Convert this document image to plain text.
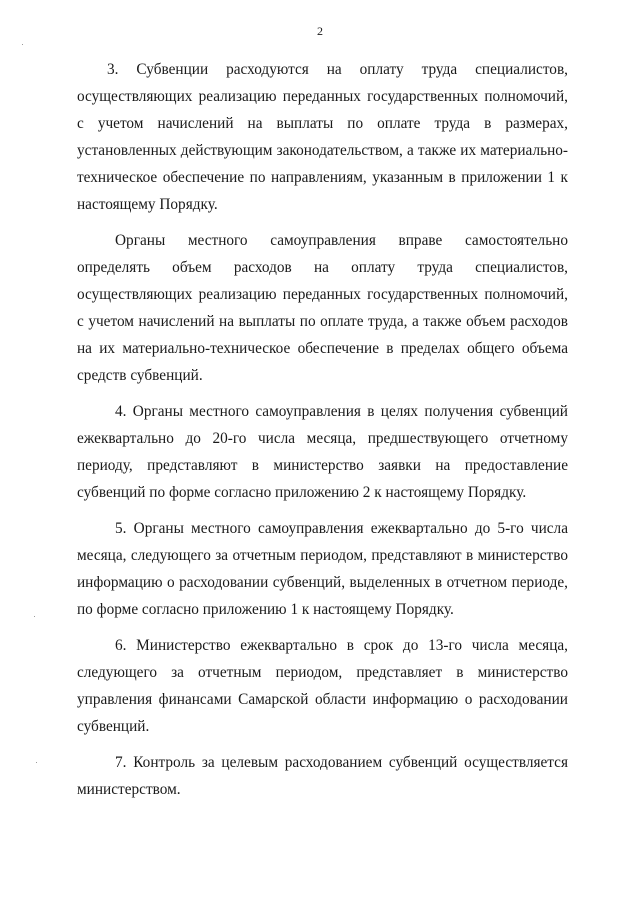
2

3. Субвенции расходуются на оплату труда специалистов, осуществляющих реализацию переданных государственных полномочий, с учетом начислений на выплаты по оплате труда в размерах, установленных действующим законодательством, а также их материально-техническое обеспечение по направлениям, указанным в приложении 1 к настоящему Порядку.

Органы местного самоуправления вправе самостоятельно определять объем расходов на оплату труда специалистов, осуществляющих реализацию переданных государственных полномочий, с учетом начислений на выплаты по оплате труда, а также объем расходов на их материально-техническое обеспечение в пределах общего объема средств субвенций.

4. Органы местного самоуправления в целях получения субвенций ежеквартально до 20-го числа месяца, предшествующего отчетному периоду, представляют в министерство заявки на предоставление субвенций по форме согласно приложению 2 к настоящему Порядку.

5. Органы местного самоуправления ежеквартально до 5-го числа месяца, следующего за отчетным периодом, представляют в министерство информацию о расходовании субвенций, выделенных в отчетном периоде, по форме согласно приложению 1 к настоящему Порядку.

6. Министерство ежеквартально в срок до 13-го числа месяца, следующего за отчетным периодом, представляет в министерство управления финансами Самарской области информацию о расходовании субвенций.

7. Контроль за целевым расходованием субвенций осуществляется министерством.
